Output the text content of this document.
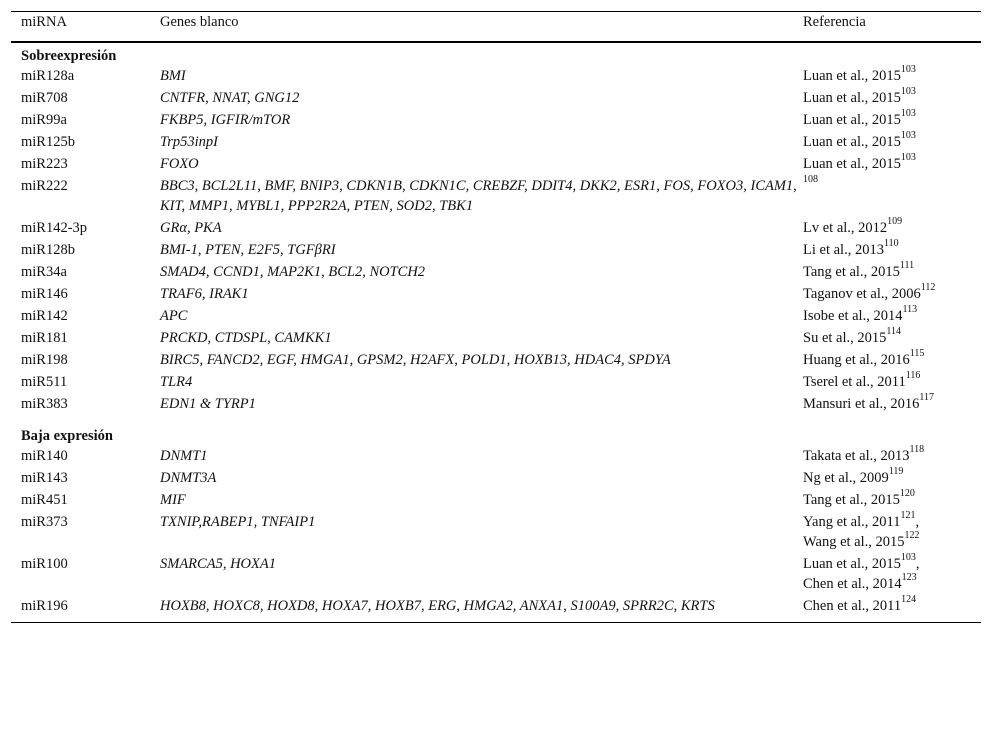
miRNA	Genes blanco	Referencia
Sobreexpresión		
miR128a	BMI	Luan et al., 2015$^{103}$
miR708	CNTFR, NNAT, GNG12	Luan et al., 2015$^{103}$
miR99a	FKBP5, IGFIR/mTOR	Luan et al., 2015$^{103}$
miR125b	Trp53inpI	Luan et al., 2015$^{103}$
miR223	FOXO	Luan et al., 2015$^{103}$
miR222	BBC3, BCL2L11, BMF, BNIP3, CDKN1B, CDKN1C, CREBZF, DDIT4, DKK2, ESR1, FOS, FOXO3, ICAM1, KIT, MMP1, MYBL1, PPP2R2A, PTEN, SOD2, TBK1	$^{108}$
miR142-3p	GRα, PKA	Lv et al., 2012$^{109}$
miR128b	BMI-1, PTEN, E2F5, TGFβRI	Li et al., 2013$^{110}$
miR34a	SMAD4, CCND1, MAP2K1, BCL2, NOTCH2	Tang et al., 2015$^{111}$
miR146	TRAF6, IRAK1	Taganov et al., 2006$^{112}$
miR142	APC	Isobe et al., 2014$^{113}$
miR181	PRCKD, CTDSPL, CAMKK1	Su et al., 2015$^{114}$
miR198	BIRC5, FANCD2, EGF, HMGA1, GPSM2, H2AFX, POLD1, HOXB13, HDAC4, SPDYA	Huang et al., 2016$^{115}$
miR511	TLR4	Tserel et al., 2011$^{116}$
miR383	EDN1 & TYRP1	Mansuri et al., 2016$^{117}$
Baja expresión		
miR140	DNMT1	Takata et al., 2013$^{118}$
miR143	DNMT3A	Ng et al., 2009$^{119}$
miR451	MIF	Tang et al., 2015$^{120}$
miR373	TXNIP,RABEP1, TNFAIP1	Yang et al., 2011$^{121}$,
Wang et al., 2015$^{122}$
miR100	SMARCA5, HOXA1	Luan et al., 2015$^{103}$,
Chen et al., 2014$^{123}$
miR196	HOXB8, HOXC8, HOXD8, HOXA7, HOXB7, ERG, HMGA2, ANXA1, S100A9, SPRR2C, KRTS	Chen et al., 2011$^{124}$
